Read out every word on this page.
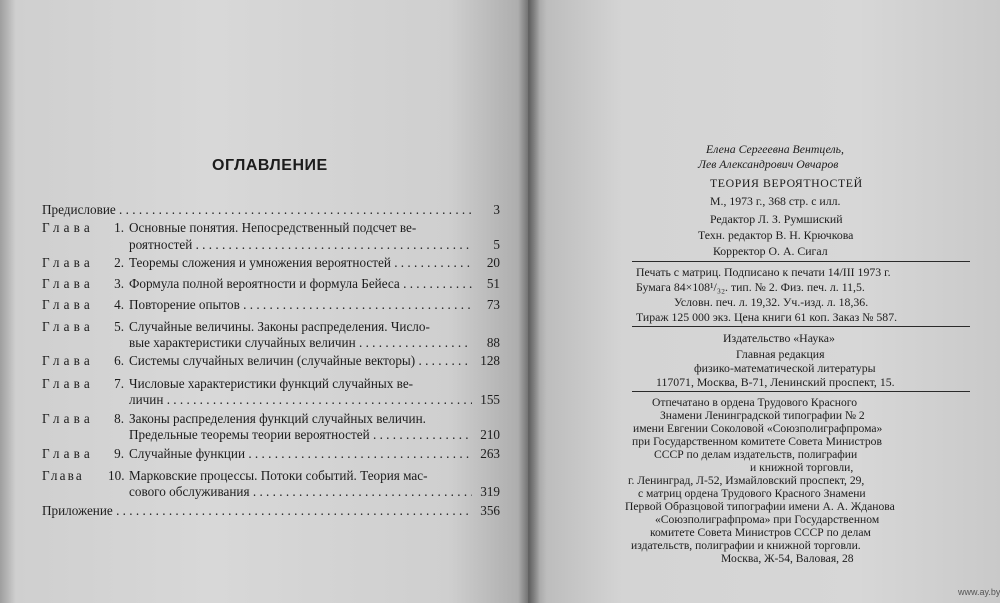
ОГЛАВЛЕНИЕ
Предисловие . . .	3
Глава	1. Основные понятия. Непосредственный подсчет ве-
роятностей . . .	5
Глава	2. Теоремы сложения и умножения вероятностей . . .	20
Глава	3. Формула полной вероятности и формула Бейеса . . .	51
Глава	4. Повторение опытов . . .	73
Глава	5. Случайные величины. Законы распределения. Число-
вые характеристики случайных величин . . .	88
Глава	6. Системы случайных величин (случайные векторы) . . .	128
Глава	7. Числовые характеристики функций случайных ве-
личин . . .	155
Глава	8. Законы распределения функций случайных величин.
Предельные теоремы теории вероятностей . . .	210
Глава	9. Случайные функции . . .	263
Глава 10. Марковские процессы. Потоки событий. Теория мас-
сового обслуживания . . .	319
Приложение . . .	356
Елена Сергеевна Вентцель,
Лев Александрович Овчаров
ТЕОРИЯ ВЕРОЯТНОСТЕЙ
М., 1973 г., 368 стр. с илл.
Редактор Л. З. Румшиский
Техн. редактор В. Н. Крючкова
Корректор О. А. Сигал
Печать с матриц. Подписано к печати 14/III 1973 г.
Бумага 84×108¹/₃₂. тип. № 2. Физ. печ. л. 11,5.
Условн. печ. л. 19,32. Уч.-изд. л. 18,36.
Тираж 125 000 экз. Цена книги 61 коп. Заказ № 587.
Издательство «Наука»
Главная редакция
физико-математической литературы
117071, Москва, В-71, Ленинский проспект, 15.
Отпечатано в ордена Трудового Красного
Знамени Ленинградской типографии № 2
имени Евгении Соколовой «Союзполиграфпрома»
при Государственном комитете Совета Министров
СССР по делам издательств, полиграфии
и книжной торговли,
г. Ленинград, Л-52, Измайловский проспект, 29,
с матриц ордена Трудового Красного Знамени
Первой Образцовой типографии имени А. А. Жданова
«Союзполиграфпрома» при Государственном
комитете Совета Министров СССР по делам
издательств, полиграфии и книжной торговли.
Москва, Ж-54, Валовая, 28
www.ay.by
